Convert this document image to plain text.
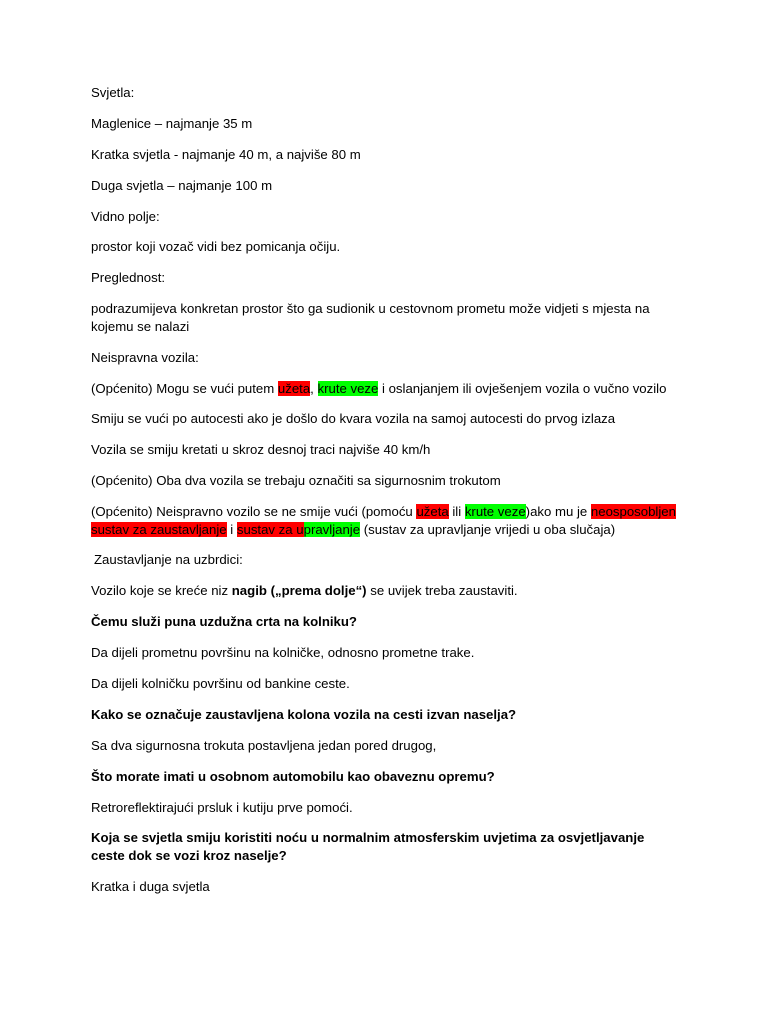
Svjetla:

Maglenice – najmanje 35 m

Kratka svjetla - najmanje 40 m, a najviše 80 m

Duga svjetla – najmanje 100 m

Vidno polje:

prostor koji vozač vidi bez pomicanja očiju.

Preglednost:

podrazumijeva konkretan prostor što ga sudionik u cestovnom prometu može vidjeti s mjesta na kojemu se nalazi

Neispravna vozila:

(Općenito) Mogu se vući putem užeta, krute veze i oslanjanjem ili ovješenjem vozila o vučno vozilo

Smiju se vući po autocesti ako je došlo do kvara vozila na samoj autocesti do prvog izlaza

Vozila se smiju kretati u skroz desnoj traci najviše 40 km/h

(Općenito) Oba dva vozila se trebaju označiti sa sigurnosnim trokutom

(Općenito) Neispravno vozilo se ne smije vući (pomoću užeta ili krute veze)ako mu je neosposobljen sustav za zaustavljanje i sustav za upravljanje (sustav za upravljanje vrijedi u oba slučaja)

Zaustavljanje na uzbrdici:

Vozilo koje se kreće niz nagib („prema dolje“) se uvijek treba zaustaviti.

Čemu služi puna uzdužna crta na kolniku?

Da dijeli prometnu površinu na kolničke, odnosno prometne trake.

Da dijeli kolničku površinu od bankine ceste.

Kako se označuje zaustavljena kolona vozila na cesti izvan naselja?

Sa dva sigurnosna trokuta postavljena jedan pored drugog,

Što morate imati u osobnom automobilu kao obaveznu opremu?

Retroreflektirajući prsluk i kutiju prve pomoći.

Koja se svjetla smiju koristiti noću u normalnim atmosferskim uvjetima za osvjetljavanje ceste dok se vozi kroz naselje?

Kratka i duga svjetla
